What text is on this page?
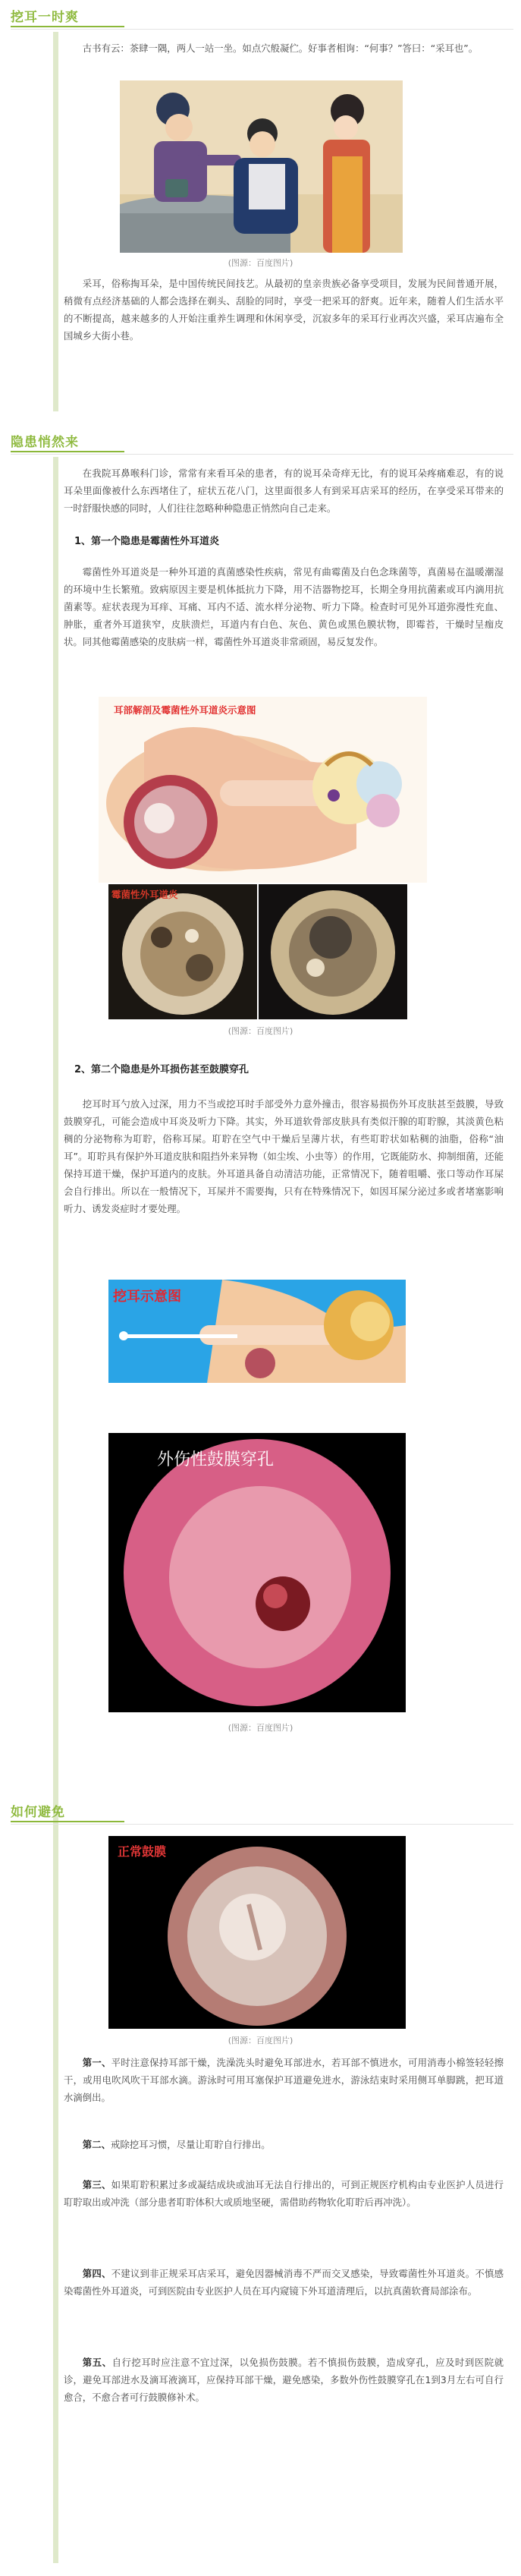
挖耳一时爽
古书有云：茶肆一隅，两人一站一坐。如点穴般凝伫。好事者相询：“何事？”答曰：“采耳也”。
(图源：百度图片)
采耳，俗称掏耳朵，是中国传统民间技艺。从最初的皇亲贵族必备享受项目，发展为民间普通开展，稍微有点经济基础的人都会选择在剃头、刮脸的同时，享受一把采耳的舒爽。近年来，随着人们生活水平的不断提高，越来越多的人开始注重养生调理和休闲享受，沉寂多年的采耳行业再次兴盛，采耳店遍布全国城乡大街小巷。
隐患悄然来
在我院耳鼻喉科门诊，常常有来看耳朵的患者，有的说耳朵奇痒无比，有的说耳朵疼痛难忍，有的说耳朵里面像被什么东西堵住了，症状五花八门，这里面很多人有到采耳店采耳的经历，在享受采耳带来的一时舒服快感的同时，人们往往忽略种种隐患正悄然向自己走来。
1、第一个隐患是霉菌性外耳道炎
霉菌性外耳道炎是一种外耳道的真菌感染性疾病，常见有曲霉菌及白色念珠菌等，真菌易在温暖潮湿的环境中生长繁殖。致病原因主要是机体抵抗力下降，用不洁器物挖耳，长期全身用抗菌素或耳内滴用抗菌素等。症状表现为耳痒、耳痛、耳内不适、流水样分泌物、听力下降。检查时可见外耳道弥漫性充血、肿胀，重者外耳道狭窄，皮肤溃烂，耳道内有白色、灰色、黄色或黑色膜状物，即霉苔，干燥时呈痂皮状。同其他霉菌感染的皮肤病一样，霉菌性外耳道炎非常顽固，易反复发作。
耳部解剖及霉菌性外耳道炎示意图
霉菌性外耳道炎
(图源：百度图片)
2、第二个隐患是外耳损伤甚至鼓膜穿孔
挖耳时耳勺放入过深，用力不当或挖耳时手部受外力意外撞击，很容易损伤外耳皮肤甚至鼓膜，导致鼓膜穿孔，可能会造成中耳炎及听力下降。其实，外耳道软骨部皮肤具有类似汗腺的耵聍腺，其淡黄色粘稠的分泌物称为耵聍，俗称耳屎。耵聍在空气中干燥后呈薄片状，有些耵聍状如粘稠的油脂，俗称“油耳”。耵聍具有保护外耳道皮肤和阻挡外来异物（如尘埃、小虫等）的作用，它既能防水、抑制细菌，还能保持耳道干燥，保护耳道内的皮肤。外耳道具备自动清洁功能，正常情况下，随着咀嚼、张口等动作耳屎会自行排出。所以在一般情况下，耳屎并不需要掏，只有在特殊情况下，如因耳屎分泌过多或者堵塞影响听力、诱发炎症时才要处理。
挖耳示意图
外伤性鼓膜穿孔
(图源：百度图片)
如何避免
正常鼓膜
(图源：百度图片)
第一、平时注意保持耳部干燥，洗澡洗头时避免耳部进水，若耳部不慎进水，可用消毒小棉签轻轻擦干，或用电吹风吹干耳部水滴。游泳时可用耳塞保护耳道避免进水，游泳结束时采用侧耳单脚跳，把耳道水滴倒出。
第二、戒除挖耳习惯，尽量让耵聍自行排出。
第三、如果耵聍积累过多或凝结成块或油耳无法自行排出的，可到正规医疗机构由专业医护人员进行耵聍取出或冲洗（部分患者耵聍体积大或质地坚硬，需借助药物软化耵聍后再冲洗）。
第四、不建议到非正规采耳店采耳，避免因器械消毒不严而交叉感染，导致霉菌性外耳道炎。不慎感染霉菌性外耳道炎，可到医院由专业医护人员在耳内窥镜下外耳道清理后，以抗真菌软膏局部涂布。
第五、自行挖耳时应注意不宜过深，以免损伤鼓膜。若不慎损伤鼓膜，造成穿孔，应及时到医院就诊，避免耳部进水及滴耳液滴耳，应保持耳部干燥，避免感染，多数外伤性鼓膜穿孔在1到3月左右可自行愈合，不愈合者可行鼓膜修补术。
